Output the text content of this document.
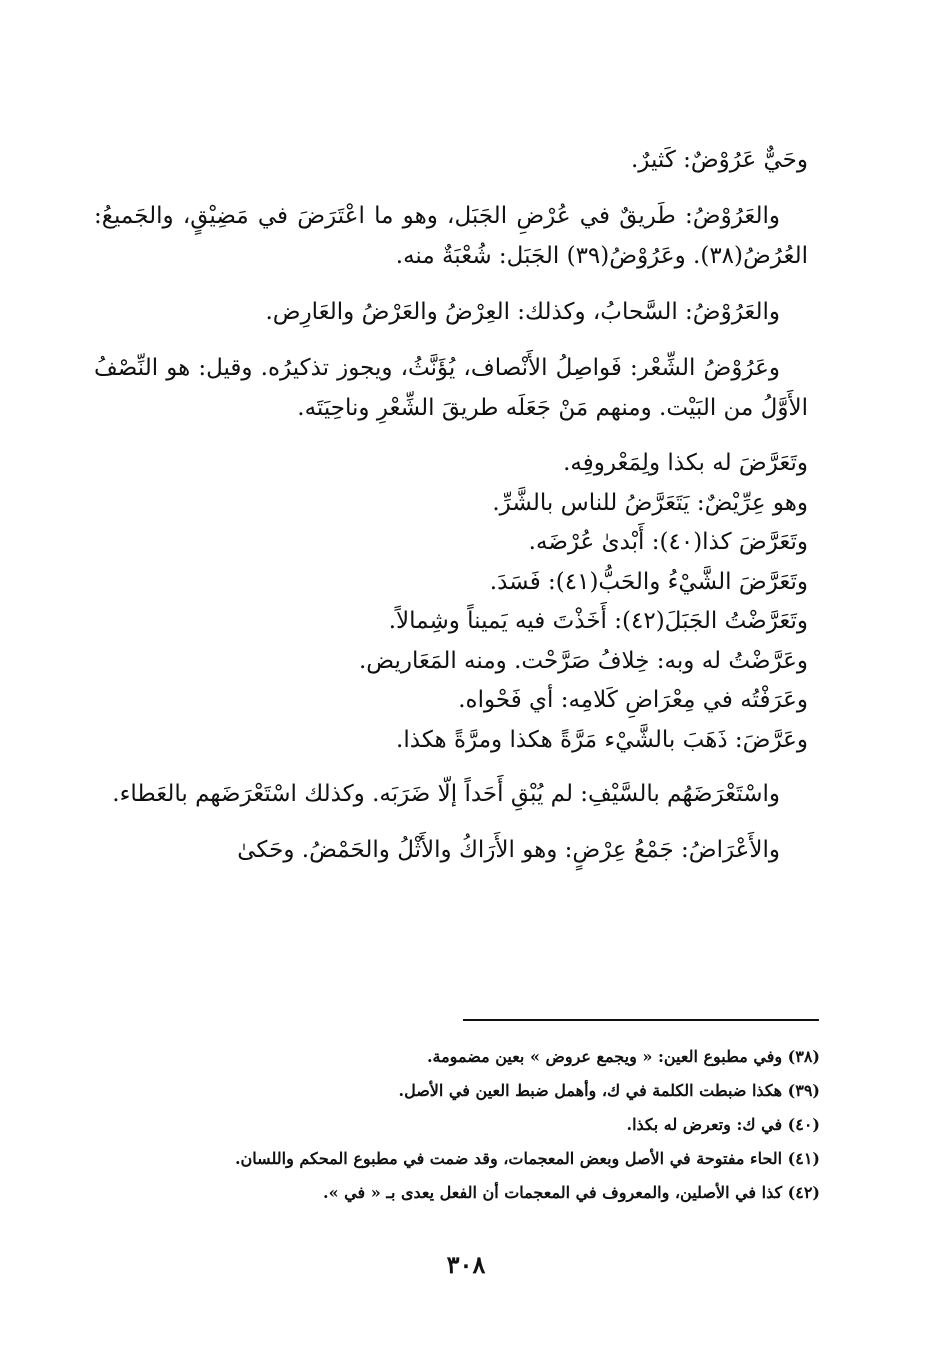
وحَيٌّ عَرُوْضٌ: كَثيرٌ.

والعَرُوْضُ: طَريقٌ في عُرْضِ الجَبَل، وهو ما اعْتَرَضَ في مَضِيْقٍ، والجَميعُ: العُرُضُ(٣٨). وعَرُوْضُ(٣٩) الجَبَل: شُعْبَةٌ منه.

والعَرُوْضُ: السَّحابُ، وكذلك: العِرْضُ والعَرْضُ والعَارِض.

وعَرُوْضُ الشِّعْر: فَواصِلُ الأَنْصاف، يُؤَنَّثُ، ويجوز تذكيرُه. وقيل: هو النِّصْفُ الأَوَّلُ من البَيْت. ومنهم مَنْ جَعَلَه طريقَ الشِّعْرِ وناحِيَتَه.

وتَعَرَّضَ له بكذا ولِمَعْروفِه.

وهو عِرِّيْضٌ: يَتَعَرَّضُ للناس بالشَّرِّ.

وتَعَرَّضَ كذا(٤٠): أَبْدىٰ عُرْضَه.

وتَعَرَّضَ الشَّيْءُ والحَبُّ(٤١): فَسَدَ.

وتَعَرَّضْتُ الجَبَلَ(٤٢): أَخَذْتَ فيه يَميناً وشِمالاً.

وعَرَّضْتُ له وبه: خِلافُ صَرَّحْت. ومنه المَعَاريض.

وعَرَفْتُه في مِعْرَاضِ كَلامِه: أي فَحْواه.

وعَرَّضَ: ذَهَبَ بالشَّيْء مَرَّةً هكذا ومرَّةً هكذا.

واسْتَعْرَضَهُم بالسَّيْفِ: لم يُبْقِ أَحَداً إلّا ضَرَبَه. وكذلك اسْتَعْرَضَهم بالعَطاء.

والأَعْرَاضُ: جَمْعُ عِرْضٍ: وهو الأَرَاكُ والأَثْلُ والحَمْضُ. وحَكىٰ

(٣٨) وفي مطبوع العين: « ويجمع عروض » بعين مضمومة.

(٣٩) هكذا ضبطت الكلمة في ك، وأهمل ضبط العين في الأصل.

(٤٠) في ك: وتعرض له بكذا.

(٤١) الحاء مفتوحة في الأصل وبعض المعجمات، وقد ضمت في مطبوع المحكم واللسان.

(٤٢) كذا في الأصلين، والمعروف في المعجمات أن الفعل يعدى بـ « في ».

٣٠٨
